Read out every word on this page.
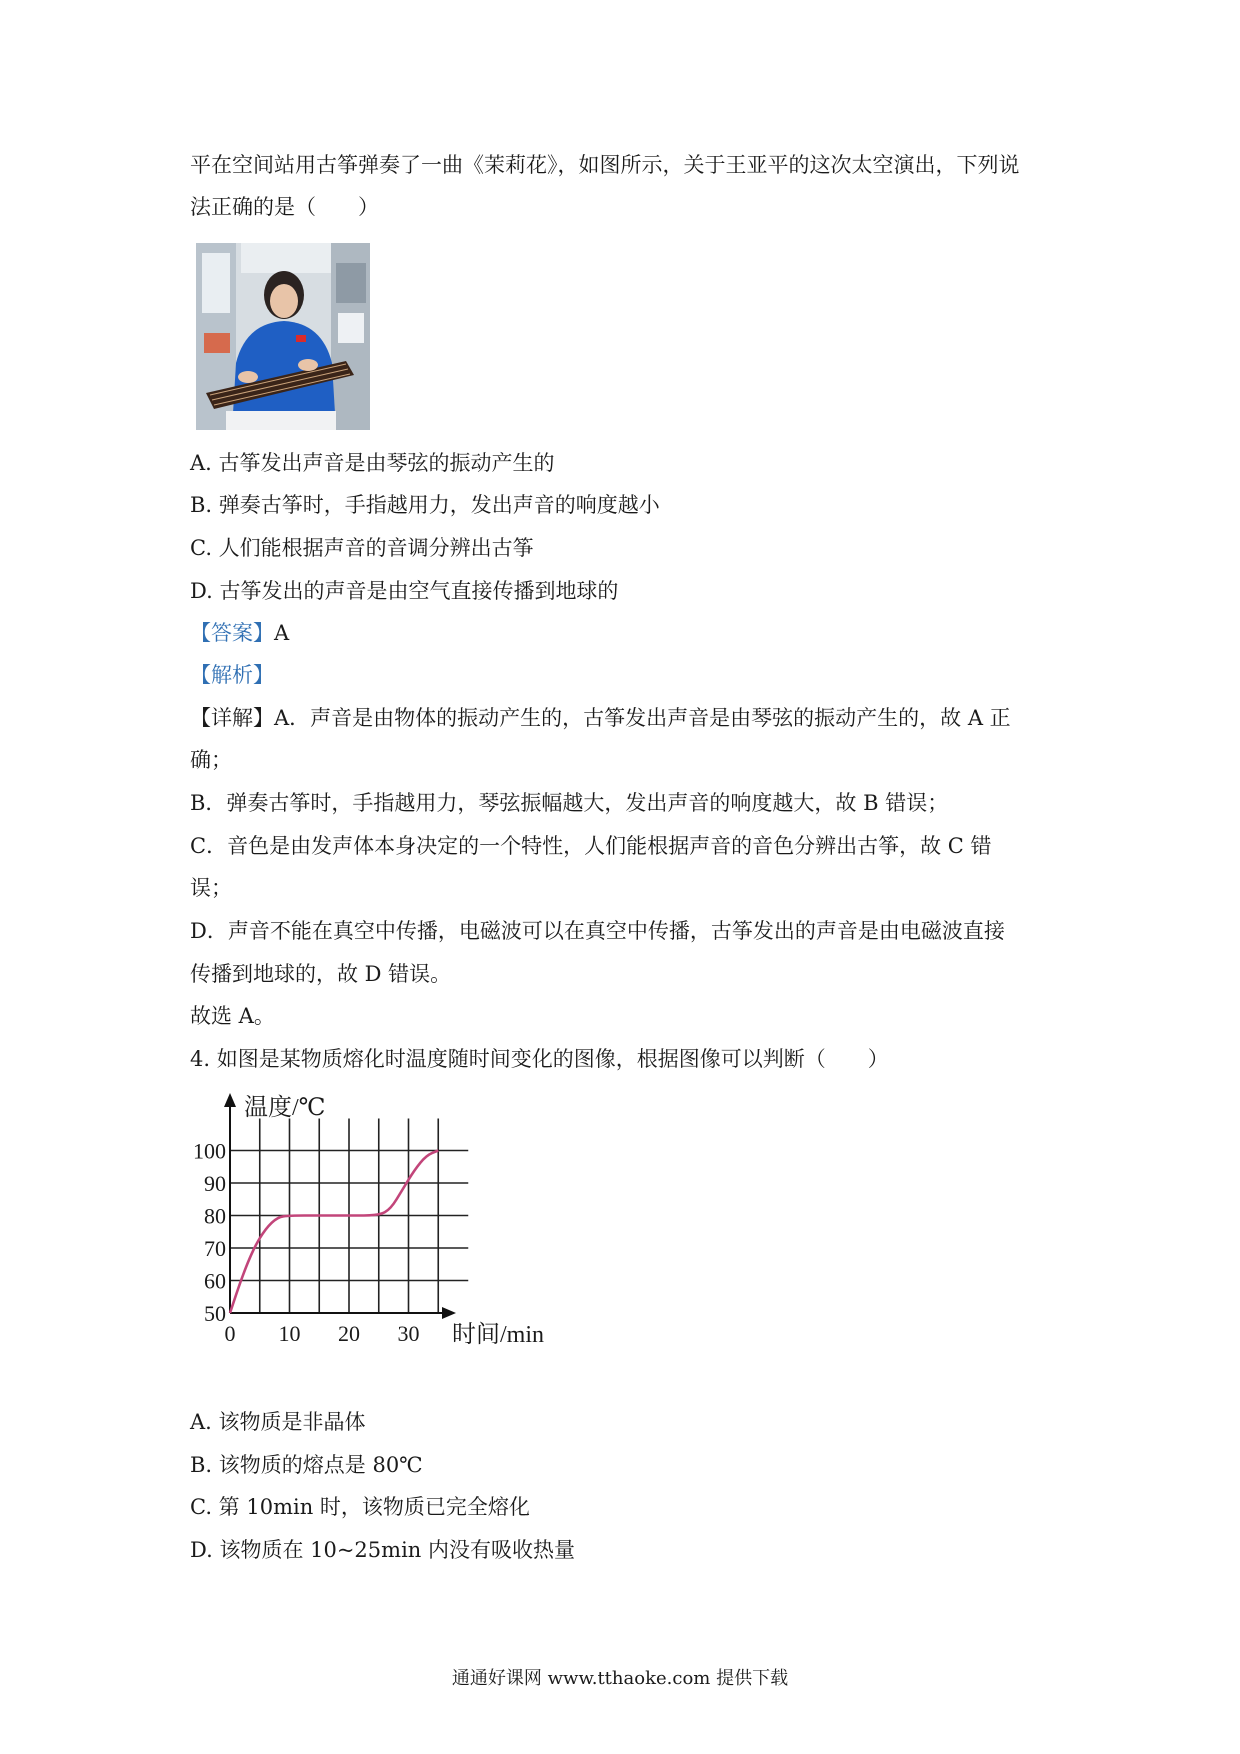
平在空间站用古筝弹奏了一曲《茉莉花》，如图所示，关于王亚平的这次太空演出，下列说
法正确的是（　　）
A. 古筝发出声音是由琴弦的振动产生的
B. 弹奏古筝时，手指越用力，发出声音的响度越小
C. 人们能根据声音的音调分辨出古筝
D. 古筝发出的声音是由空气直接传播到地球的
【答案】A
【解析】
【详解】A．声音是由物体的振动产生的，古筝发出声音是由琴弦的振动产生的，故 A 正
确；
B．弹奏古筝时，手指越用力，琴弦振幅越大，发出声音的响度越大，故 B 错误；
C．音色是由发声体本身决定的一个特性，人们能根据声音的音色分辨出古筝，故 C 错
误；
D．声音不能在真空中传播，电磁波可以在真空中传播，古筝发出的声音是由电磁波直接
传播到地球的，故 D 错误。
故选 A。
4. 如图是某物质熔化时温度随时间变化的图像，根据图像可以判断（　　）
50
60
70
80
90
100
0 10 20 30
温度/℃
时间/min
A. 该物质是非晶体
B. 该物质的熔点是 80℃
C. 第 10min 时，该物质已完全熔化
D. 该物质在 10~25min 内没有吸收热量
通通好课网 www.tthaoke.com 提供下载
